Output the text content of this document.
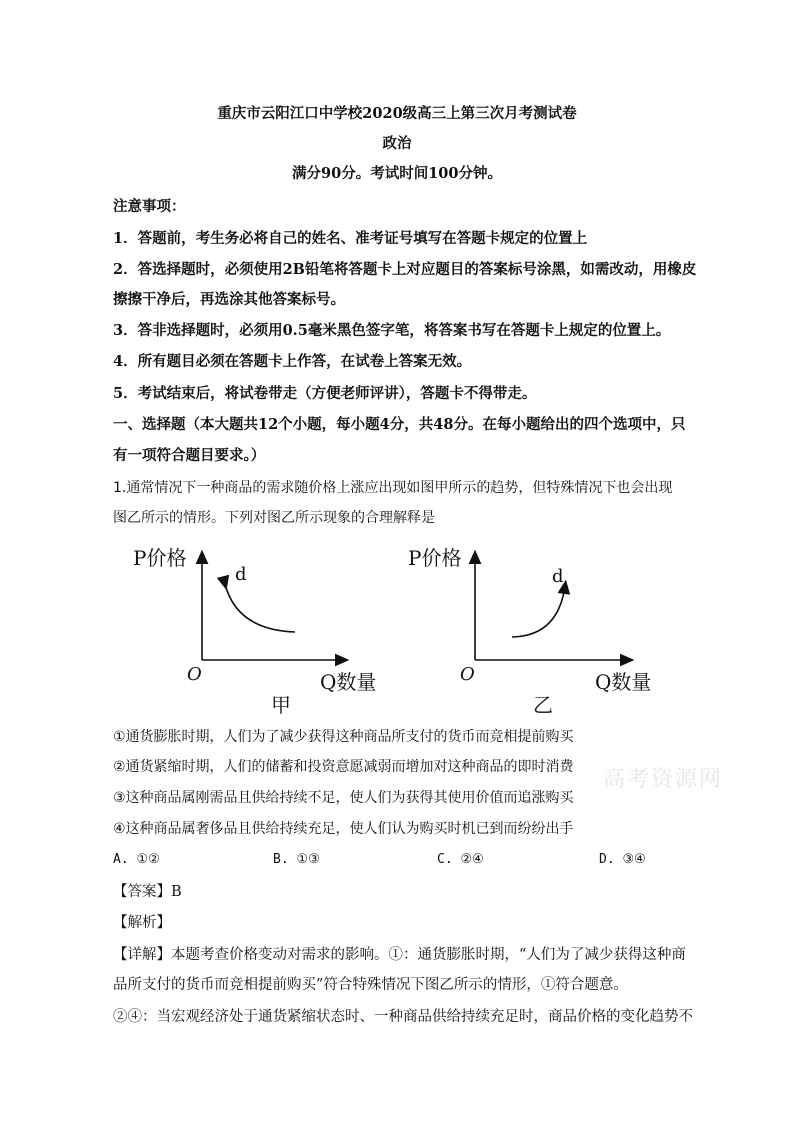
重庆市云阳江口中学校2020级高三上第三次月考测试卷
政治
满分90分。考试时间100分钟。
注意事项：
1．答题前，考生务必将自己的姓名、准考证号填写在答题卡规定的位置上
2．答选择题时，必须使用2B铅笔将答题卡上对应题目的答案标号涂黑，如需改动，用橡皮
擦擦干净后，再选涂其他答案标号。
3．答非选择题时，必须用0.5毫米黑色签字笔，将答案书写在答题卡上规定的位置上。
4．所有题目必须在答题卡上作答，在试卷上答案无效。
5．考试结束后，将试卷带走（方便老师评讲），答题卡不得带走。
一、选择题（本大题共12个小题，每小题4分，共48分。在每小题给出的四个选项中，只
有一项符合题目要求。）
1.通常情况下一种商品的需求随价格上涨应出现如图甲所示的趋势，但特殊情况下也会出现
图乙所示的情形。下列对图乙所示现象的合理解释是
P价格
O
d
Q数量
甲
P价格
O
d
Q数量
乙
①通货膨胀时期，人们为了减少获得这种商品所支付的货币而竞相提前购买
②通货紧缩时期，人们的储蓄和投资意愿减弱而增加对这种商品的即时消费
③这种商品属刚需品且供给持续不足，使人们为获得其使用价值而追涨购买
④这种商品属奢侈品且供给持续充足，使人们认为购买时机已到而纷纷出手
A. ①②	B. ①③	C. ②④	D. ③④
【答案】B
【解析】
【详解】本题考查价格变动对需求的影响。①：通货膨胀时期，“人们为了减少获得这种商
品所支付的货币而竞相提前购买”符合特殊情况下图乙所示的情形，①符合题意。
②④：当宏观经济处于通货紧缩状态时、一种商品供给持续充足时，商品价格的变化趋势不
高考资源网
